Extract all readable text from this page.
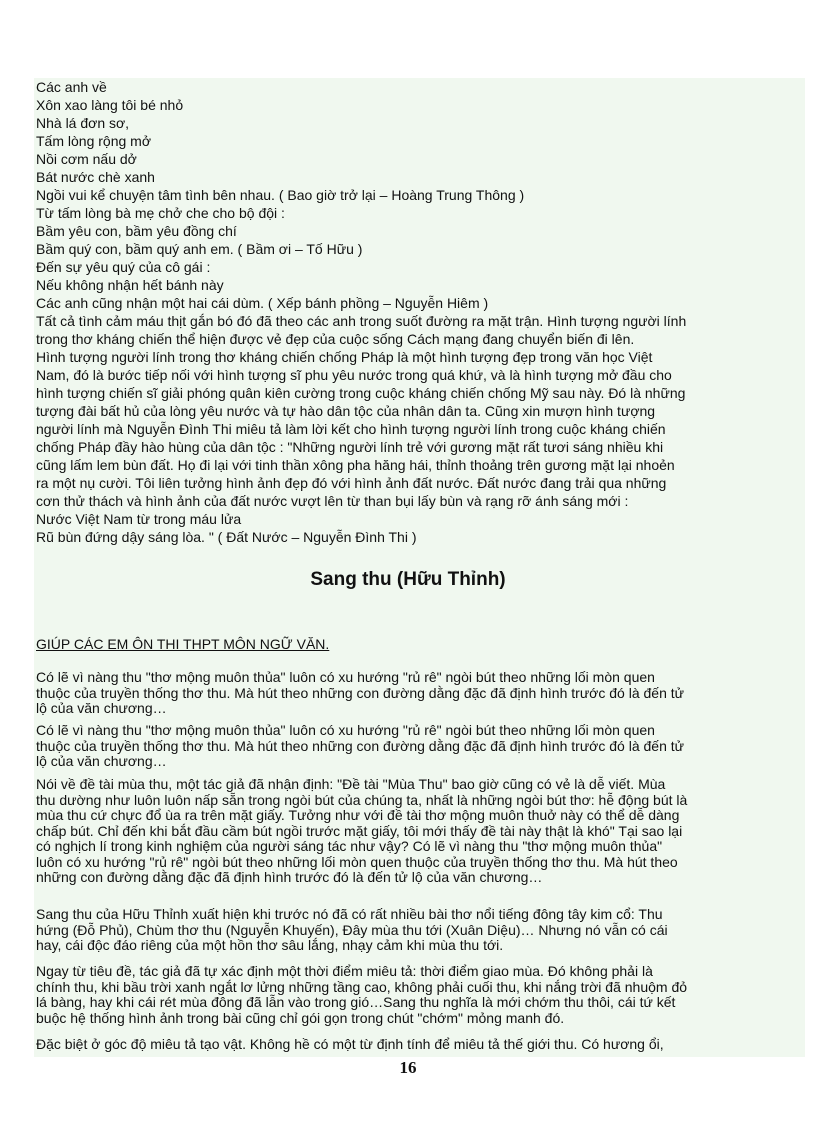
Các anh về
Xôn xao làng tôi bé nhỏ
Nhà lá đơn sơ,
Tấm lòng rộng mở
Nồi cơm nấu dở
Bát nước chè xanh
Ngồi vui kể chuyện tâm tình bên nhau. ( Bao giờ trở lại – Hoàng Trung Thông )
Từ tấm lòng bà mẹ chở che cho bộ đội :
Bầm yêu con, bầm yêu đồng chí
Bầm quý con, bầm quý anh em. ( Bầm ơi – Tố Hữu )
Đến sự yêu quý của cô gái :
Nếu không nhận hết bánh này
Các anh cũng nhận một hai cái dùm. ( Xếp bánh phồng – Nguyễn Hiêm )
Tất cả tình cảm máu thịt gắn bó đó đã theo các anh trong suốt đường ra mặt trận. Hình tượng người lính
trong thơ kháng chiến thể hiện được vẻ đẹp của cuộc sống Cách mạng đang chuyển biến đi lên.
Hình tượng người lính trong thơ kháng chiến chống Pháp là một hình tượng đẹp trong văn học Việt
Nam, đó là bước tiếp nối với hình tượng sĩ phu yêu nước trong quá khứ, và là hình tượng mở đầu cho
hình tượng chiến sĩ giải phóng quân kiên cường trong cuộc kháng chiến chống Mỹ sau này. Đó là những
tượng đài bất hủ của lòng yêu nước và tự hào dân tộc của nhân dân ta. Cũng xin mượn hình tượng
người lính mà Nguyễn Đình Thi miêu tả làm lời kết cho hình tượng người lính trong cuộc kháng chiến
chống Pháp đầy hào hùng của dân tộc : "Những người lính trẻ với gương mặt rất tươi sáng nhiều khi
cũng lấm lem bùn đất. Họ đi lại với tinh thần xông pha hăng hái, thỉnh thoảng trên gương mặt lại nhoẻn
ra một nụ cười. Tôi liên tưởng hình ảnh đẹp đó với hình ảnh đất nước. Đất nước đang trải qua những
cơn thử thách và hình ảnh của đất nước vượt lên từ than bụi lấy bùn và rạng rỡ ánh sáng mới :
Nước Việt Nam từ trong máu lửa
Rũ bùn đứng dậy sáng lòa. " ( Đất Nước – Nguyễn Đình Thi )
Sang thu (Hữu Thỉnh)
GIÚP CÁC EM ÔN THI THPT MÔN NGỮ VĂN.
Có lẽ vì nàng thu "thơ mộng muôn thủa" luôn có xu hướng "rủ rê" ngòi bút theo những lối mòn quen
thuộc của truyền thống thơ thu. Mà hút theo những con đường dằng đặc đã định hình trước đó là đến tử
lộ của văn chương…
Có lẽ vì nàng thu "thơ mộng muôn thủa" luôn có xu hướng "rủ rê" ngòi bút theo những lối mòn quen
thuộc của truyền thống thơ thu. Mà hút theo những con đường dằng đặc đã định hình trước đó là đến tử
lộ của văn chương…
Nói về đề tài mùa thu, một tác giả đã nhận định: "Đề tài "Mùa Thu" bao giờ cũng có vẻ là dễ viết. Mùa
thu dường như luôn luôn nấp sẵn trong ngòi bút của chúng ta, nhất là những ngòi bút thơ: hễ động bút là
mùa thu cứ chực đổ ùa ra trên mặt giấy. Tưởng như với đề tài thơ mộng muôn thuở này có thể dễ dàng
chấp bút. Chỉ đến khi bắt đầu cầm bút ngồi trước mặt giấy, tôi mới thấy đề tài này thật là khó" Tại sao lại
có nghịch lí trong kinh nghiệm của người sáng tác như vậy? Có lẽ vì nàng thu "thơ mộng muôn thủa"
luôn có xu hướng "rủ rê" ngòi bút theo những lối mòn quen thuộc của truyền thống thơ thu. Mà hút theo
những con đường dằng đặc đã định hình trước đó là đến tử lộ của văn chương…
Sang thu của Hữu Thỉnh xuất hiện khi trước nó đã có rất nhiều bài thơ nổi tiếng đông tây kim cổ: Thu
hứng (Đỗ Phủ), Chùm thơ thu (Nguyễn Khuyến), Đây mùa thu tới (Xuân Diệu)… Nhưng nó vẫn có cái
hay, cái độc đáo riêng của một hồn thơ sâu lắng, nhạy cảm khi mùa thu tới.
Ngay từ tiêu đề, tác giả đã tự xác định một thời điểm miêu tả: thời điểm giao mùa. Đó không phải là
chính thu, khi bầu trời xanh ngắt lơ lửng những tầng cao, không phải cuối thu, khi nắng trời đã nhuộm đỏ
lá bàng, hay khi cái rét mùa đông đã lẫn vào trong gió…Sang thu nghĩa là mới chớm thu thôi, cái tứ kết
buộc hệ thống hình ảnh trong bài cũng chỉ gói gọn trong chút "chớm" mỏng manh đó.
Đặc biệt ở góc độ miêu tả tạo vật. Không hề có một từ định tính để miêu tả thế giới thu. Có hương ổi,
16
